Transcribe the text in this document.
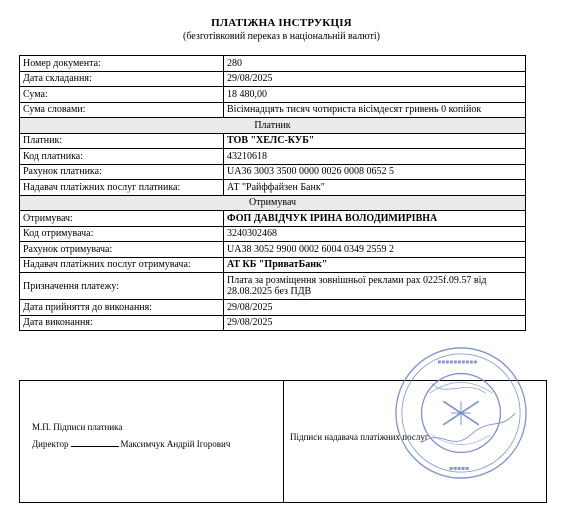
ПЛАТІЖНА ІНСТРУКЦІЯ
(безготівковий переказ в національній валюті)
Номер документа:	280
Дата складання:	29/08/2025
Сума:	18 480,00
Сума словами:	Вісімнадцять тисяч чотириста вісімдесят гривень 0 копійок
Платник	
Платник:	ТОВ "ХЕЛС-КУБ"
Код платника:	43210618
Рахунок платника:	UA36 3003 3500 0000 0026 0008 0652 5
Надавач платіжних послуг платника:	АТ "Райффайзен Банк"
Отримувач	
Отримувач:	ФОП ДАВІДЧУК ІРИНА ВОЛОДИМИРІВНА
Код отримувача:	3240302468
Рахунок отримувача:	UA38 3052 9900 0002 6004 0349 2559 2
Надавач платіжних послуг отримувача:	АТ КБ "ПриватБанк"
Призначення платежу:	Плата за розміщення зовнішньої реклами рах 0225f.09.57 від 28.08.2025 без ПДВ
Дата прийняття до виконання:	29/08/2025
Дата виконання:	29/08/2025
М.П. Підписи платника
Директор	Максимчук Андрій Ігорович
Підписи надавача платіжних послуг
▪▪▪▪▪▪▪▪▪▪
▪▪▪▪▪
